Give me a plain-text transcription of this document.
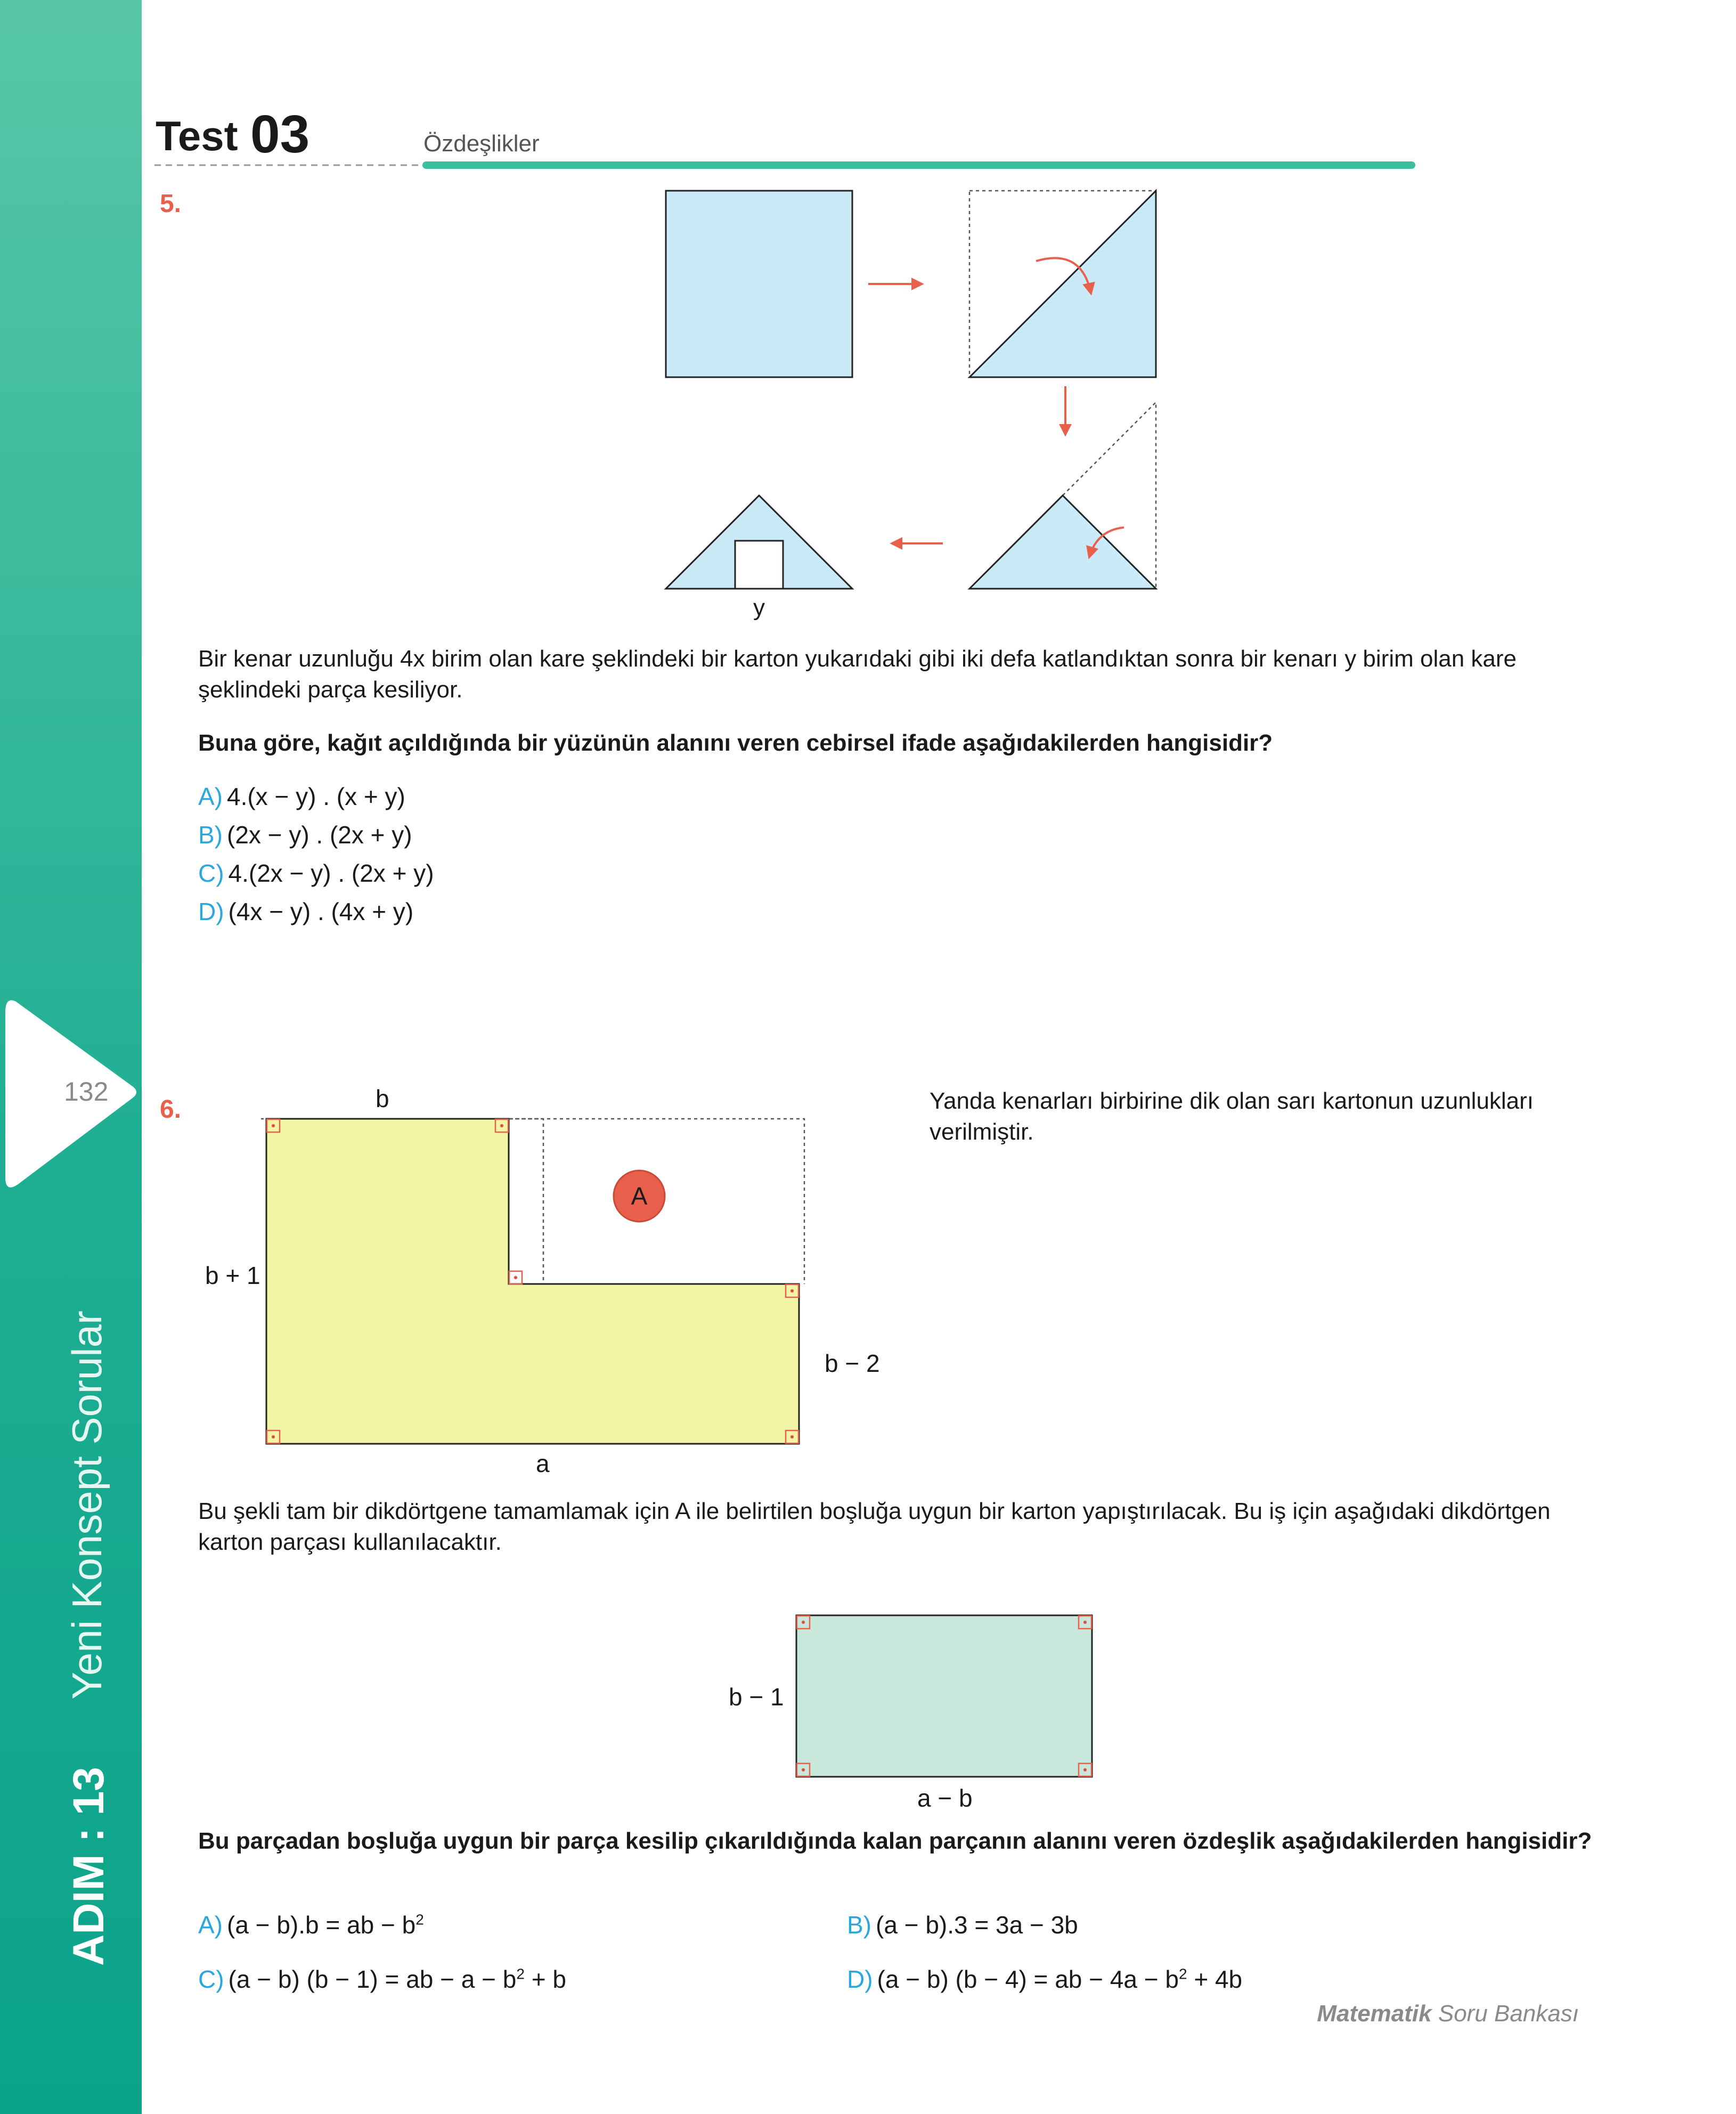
132
Yeni Konsept Sorular
ADIM : 13
Test 03	Özdeşlikler
5.
y
Bir kenar uzunluğu 4x birim olan kare şeklindeki bir karton yukarıdaki gibi iki defa katlandıktan sonra bir kenarı y birim olan kare şeklindeki parça kesiliyor.
Buna göre, kağıt açıldığında bir yüzünün alanını veren cebirsel ifade aşağıdakilerden hangisidir?
A) 4.(x − y) . (x + y)
B) (2x − y) . (2x + y)
C) 4.(2x − y) . (2x + y)
D) (4x − y) . (4x + y)
6.
A
b
b + 1
b − 2
a
Yanda kenarları birbirine dik olan sarı kartonun uzunlukları verilmiştir.
Bu şekli tam bir dikdörtgene tamamlamak için A ile belirtilen boşluğa uygun bir karton yapıştırılacak. Bu iş için aşağıdaki dikdörtgen karton parçası kullanılacaktır.
b − 1
a − b
Bu parçadan boşluğa uygun bir parça kesilip çıkarıldığında kalan parçanın alanını veren özdeşlik aşağıdakilerden hangisidir?
A) (a − b).b = ab − $b^2$	B) (a − b).3 = 3a − 3b
C) (a − b) (b − 1) = ab − $a - b^2 + b$	D) (a − b) (b − 4) = ab − $4a - b^2 + 4b$
Matematik Soru Bankası
